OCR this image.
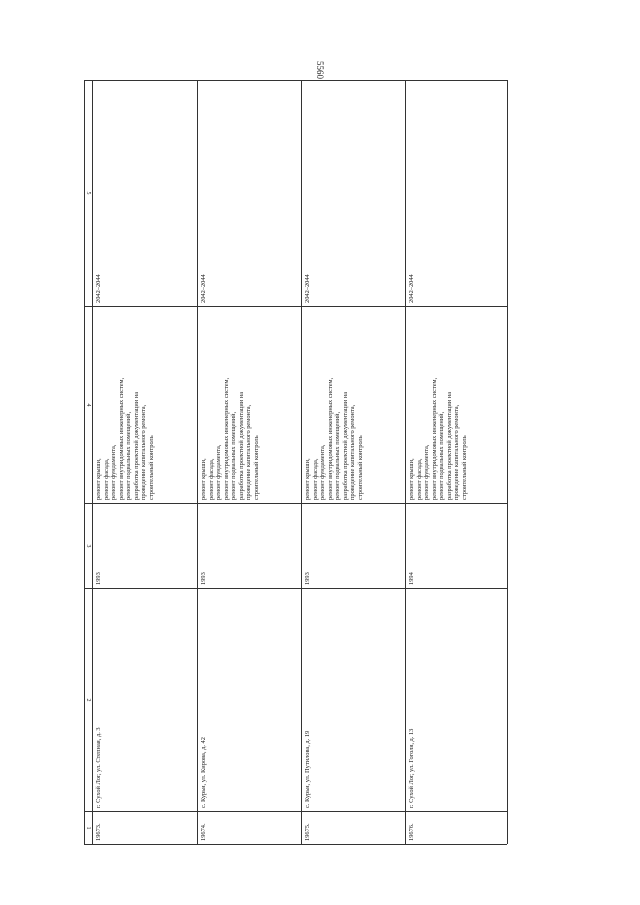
5560
1
2
3
4
5
19673.
г. Сухой Лог, ул. Степная, д. 3
1993
ремонт крыши, ремонт фасада, ремонт фундамента, ремонт внутридомовых инженерных систем, ремонт подвальных помещений, разработка проектной документации на проведение капитального ремонта, строительный контроль
2042–2044
19674.
с. Курьи, ул. Кирова, д. 42
1993
ремонт крыши, ремонт фасада, ремонт фундамента, ремонт внутридомовых инженерных систем, ремонт подвальных помещений, разработка проектной документации на проведение капитального ремонта, строительный контроль
2042–2044
19675.
с. Курьи, ул. Путилова, д. 19
1993
ремонт крыши, ремонт фасада, ремонт фундамента, ремонт внутридомовых инженерных систем, ремонт подвальных помещений, разработка проектной документации на проведение капитального ремонта, строительный контроль
2042–2044
19676.
г. Сухой Лог, ул. Гоголя, д. 13
1994
ремонт крыши, ремонт фасада, ремонт фундамента, ремонт внутридомовых инженерных систем, ремонт подвальных помещений, разработка проектной документации на проведение капитального ремонта, строительный контроль
2042–2044
